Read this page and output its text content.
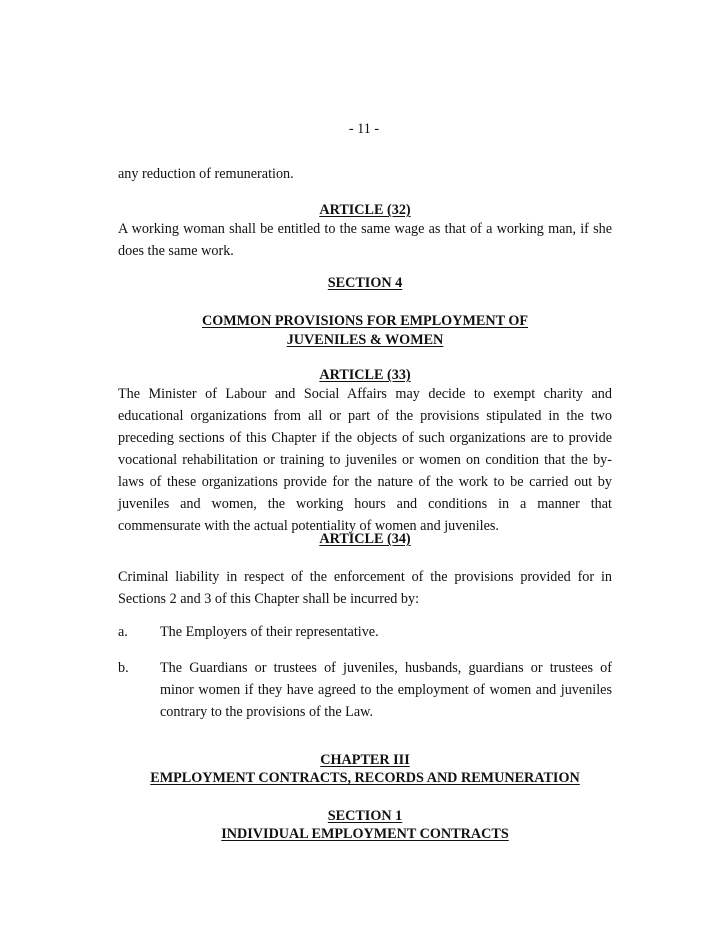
- 11 -

any reduction of remuneration.

ARTICLE (32)

A working woman shall be entitled to the same wage as that of a working man, if she does the same work.

SECTION 4

COMMON PROVISIONS FOR EMPLOYMENT OF

JUVENILES & WOMEN

ARTICLE (33)

The Minister of Labour and Social Affairs may decide to exempt charity and educational organizations from all or part of the provisions stipulated in the two preceding sections of this Chapter if the objects of such organizations are to provide vocational rehabilitation or training to juveniles or women on condition that the by-laws of these organizations provide for the nature of the work to be carried out by juveniles and women, the working hours and conditions in a manner that commensurate with the actual potentiality of women and juveniles.

ARTICLE (34)

Criminal liability in respect of the enforcement of the provisions provided for in Sections 2 and 3 of this Chapter shall be incurred by:

a.	The Employers of their representative.

b.	The Guardians or trustees of juveniles, husbands, guardians or trustees of minor women if they have agreed to the employment of women and juveniles contrary to the provisions of the Law.

CHAPTER III

EMPLOYMENT CONTRACTS, RECORDS AND REMUNERATION

SECTION 1

INDIVIDUAL EMPLOYMENT CONTRACTS
